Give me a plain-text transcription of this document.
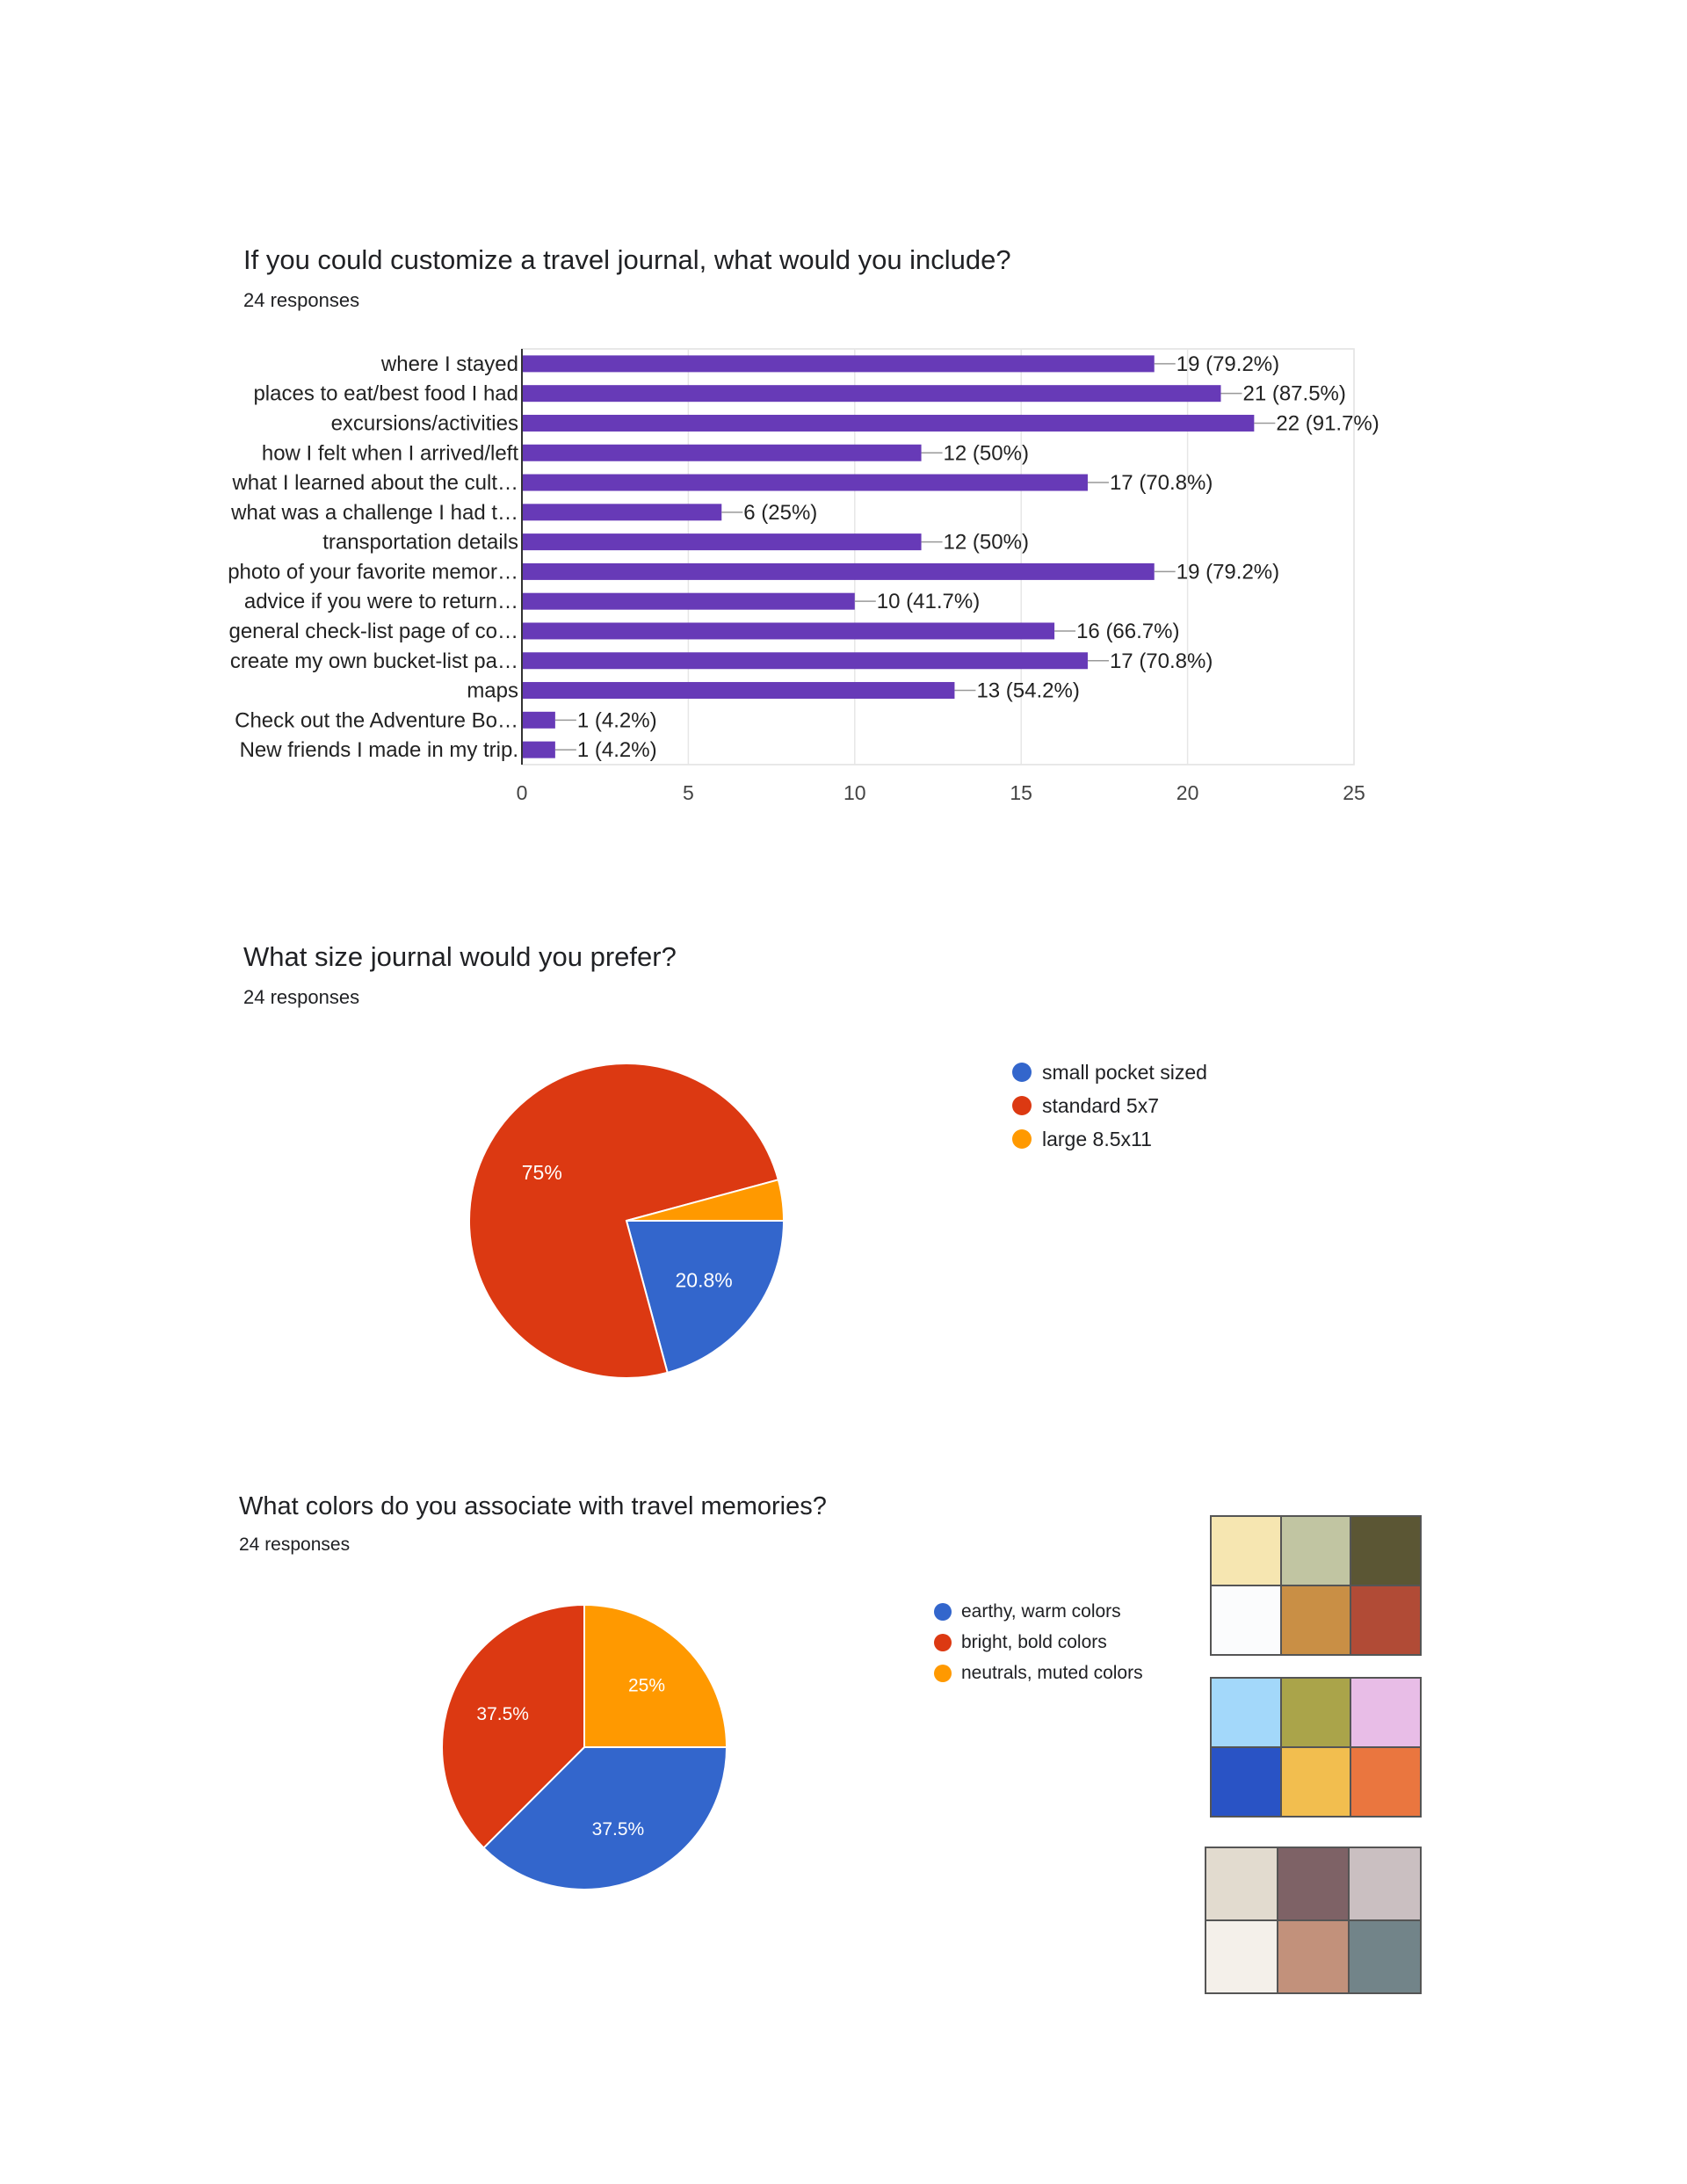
If you could customize a travel journal, what would you include?
24 responses
0	5	10	15	20	25
where I stayed	19 (79.2%)
places to eat/best food I had	21 (87.5%)
excursions/activities	22 (91.7%)
how I felt when I arrived/left	12 (50%)
what I learned about the cult…	17 (70.8%)
what was a challenge I had t…	6 (25%)
transportation details	12 (50%)
photo of your favorite memor…	19 (79.2%)
advice if you were to return…	10 (41.7%)
general check-list page of co…	16 (66.7%)
create my own bucket-list pa…	17 (70.8%)
maps	13 (54.2%)
Check out the Adventure Bo…	1 (4.2%)
New friends I made in my trip.	1 (4.2%)
What size journal would you prefer?
24 responses
20.8%
75%
small pocket sized
standard 5x7
large 8.5x11
What colors do you associate with travel memories?
24 responses
37.5%
37.5%
25%
earthy, warm colors
bright, bold colors
neutrals, muted colors
